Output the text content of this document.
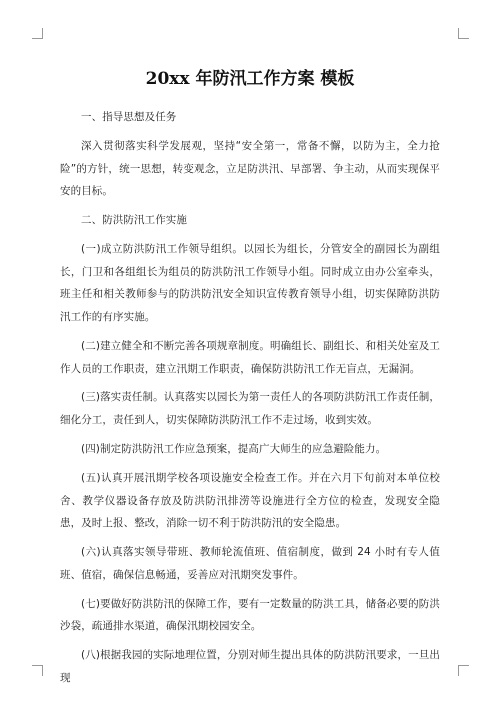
20xx 年防汛工作方案 模板

一、指导思想及任务

深入贯彻落实科学发展观，坚持“安全第一，常备不懈，以防为主，全力抢险”的方针，统一思想，转变观念，立足防洪汛、早部署、争主动，从而实现保平安的目标。

二、防洪防汛工作实施

(一)成立防洪防汛工作领导组织。以园长为组长，分管安全的副园长为副组长，门卫和各组组长为组员的防洪防汛工作领导小组。同时成立由办公室牵头，班主任和相关教师参与的防洪防汛安全知识宣传教育领导小组，切实保障防洪防汛工作的有序实施。

(二)建立健全和不断完善各项规章制度。明确组长、副组长、和相关处室及工作人员的工作职责，建立汛期工作职责，确保防洪防汛工作无盲点，无漏洞。

(三)落实责任制。认真落实以园长为第一责任人的各项防洪防汛工作责任制，细化分工，责任到人，切实保障防洪防汛工作不走过场，收到实效。

(四)制定防洪防汛工作应急预案，提高广大师生的应急避险能力。

(五)认真开展汛期学校各项设施安全检查工作。并在六月下旬前对本单位校舍、教学仪器设备存放及防洪防汛排涝等设施进行全方位的检查，发现安全隐患，及时上报、整改，消除一切不利于防洪防汛的安全隐患。

(六)认真落实领导带班、教师轮流值班、值宿制度，做到 24 小时有专人值班、值宿，确保信息畅通，妥善应对汛期突发事件。

(七)要做好防洪防汛的保障工作，要有一定数量的防洪工具，储备必要的防洪沙袋，疏通排水渠道，确保汛期校园安全。

(八)根据我园的实际地理位置，分别对师生提出具体的防洪防汛要求，一旦出现
